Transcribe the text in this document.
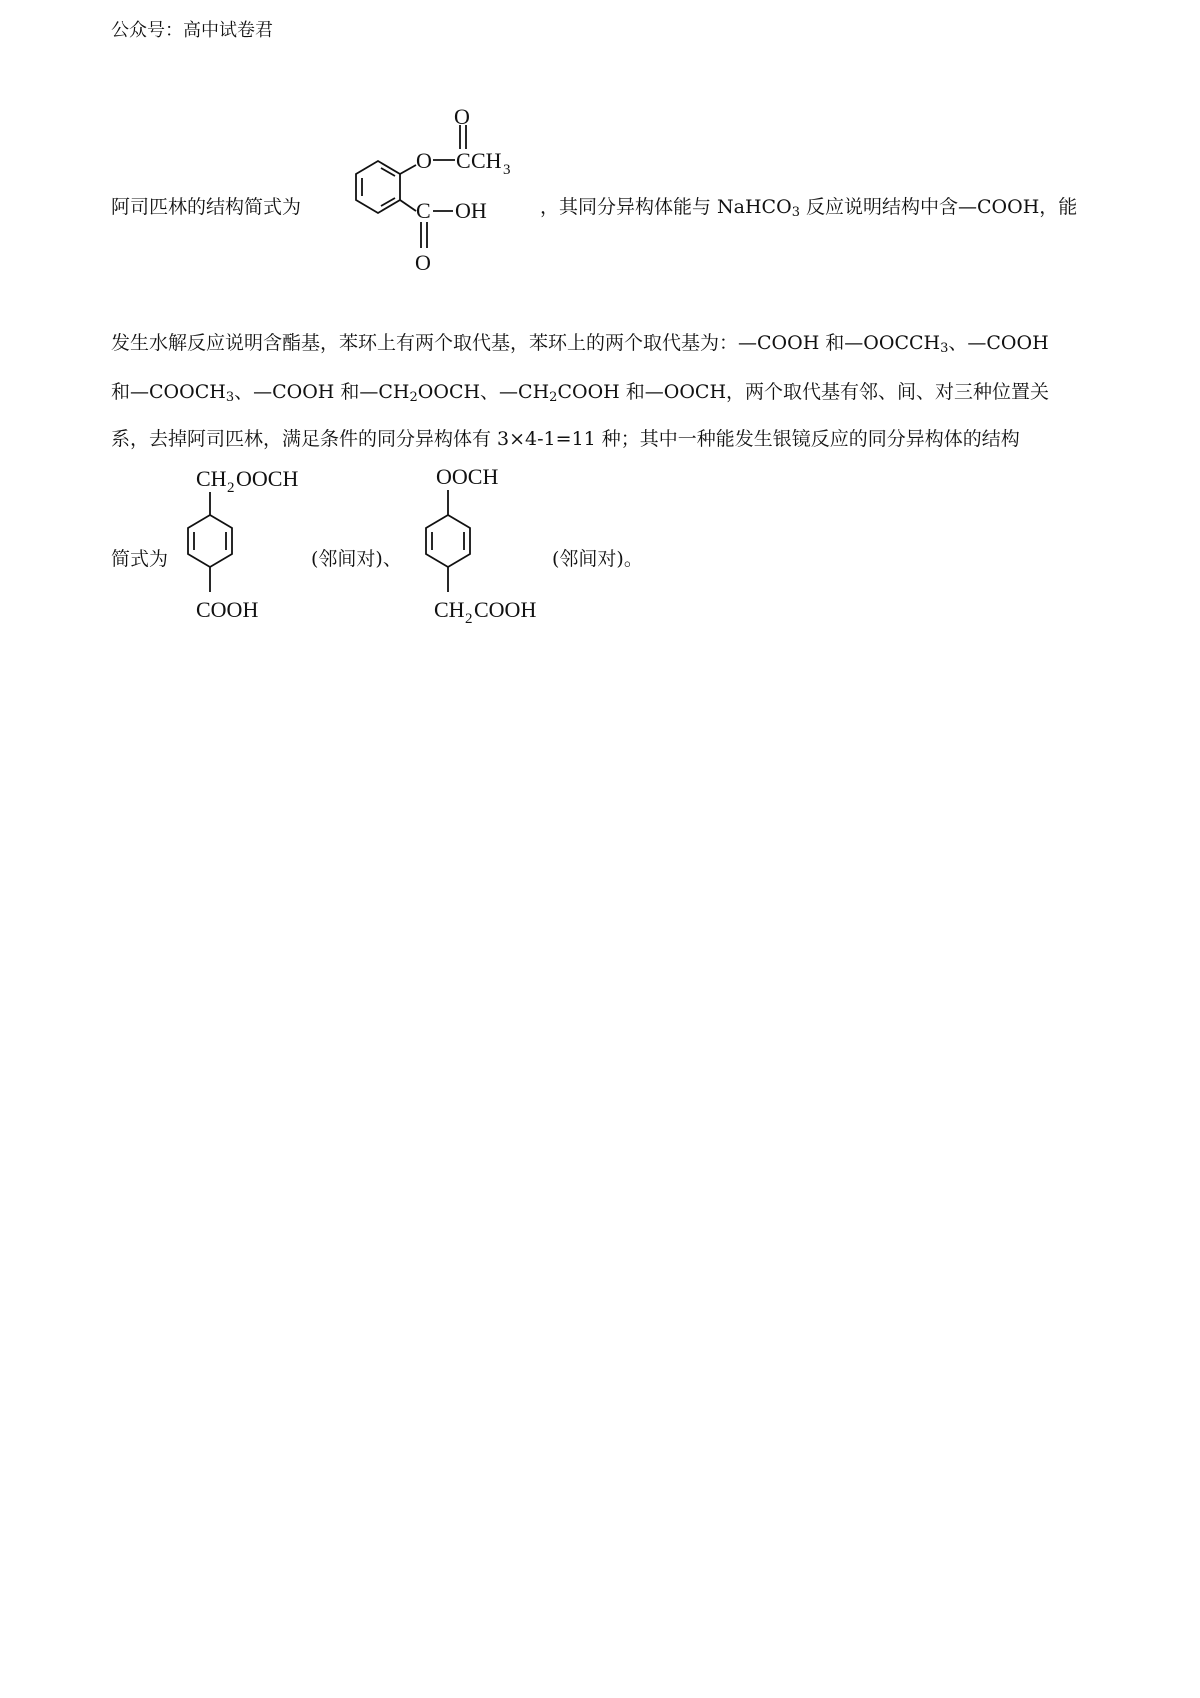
公众号：高中试卷君
阿司匹林的结构简式为
O C
O
CH 3
C OH
O
，其同分异构体能与 NaHCO$_3$ 反应说明结构中含—COOH，能
发生水解反应说明含酯基，苯环上有两个取代基，苯环上的两个取代基为：—COOH 和$—OOCCH_3$、—COOH
和$—COOCH_3$、—COOH 和$—CH_2OOCH$、$—CH_2COOH$ 和—OOCH，两个取代基有邻、间、对三种位置关
系，去掉阿司匹林，满足条件的同分异构体有 3×4-1=11 种；其中一种能发生银镜反应的同分异构体的结构
简式为
CH 2 OOCH
COOH
(邻间对)、
OOCH
CH 2 COOH
(邻间对)。
